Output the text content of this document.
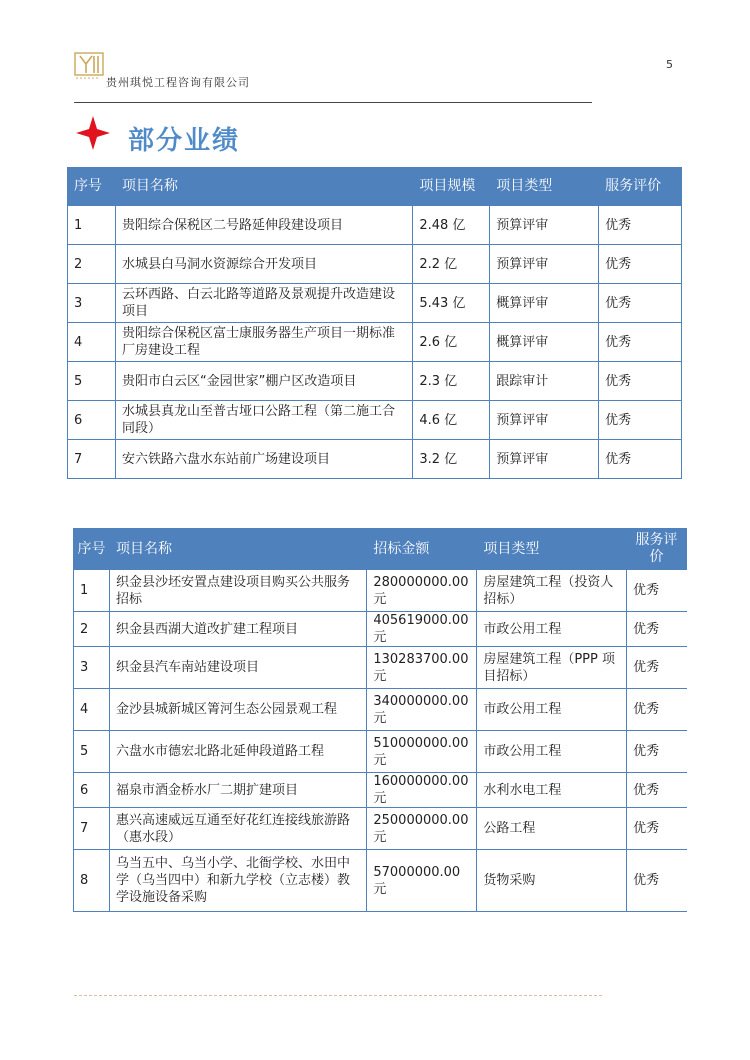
5
贵州琪悦工程咨询有限公司
部分业绩
序号	项目名称	项目规模	项目类型	服务评价
1	贵阳综合保税区二号路延伸段建设项目	2.48 亿	预算评审	优秀
2	水城县白马洞水资源综合开发项目	2.2 亿	预算评审	优秀
3	云环西路、白云北路等道路及景观提升改造建设项目	5.43 亿	概算评审	优秀
4	贵阳综合保税区富士康服务器生产项目一期标准厂房建设工程	2.6 亿	概算评审	优秀
5	贵阳市白云区“金园世家”棚户区改造项目	2.3 亿	跟踪审计	优秀
6	水城县真龙山至普古垭口公路工程（第二施工合同段）	4.6 亿	预算评审	优秀
7	安六铁路六盘水东站前广场建设项目	3.2 亿	预算评审	优秀
序号	项目名称	招标金额	项目类型	服务评价
1	织金县沙坯安置点建设项目购买公共服务招标	280000000.00 元	房屋建筑工程（投资人招标）	优秀
2	织金县西湖大道改扩建工程项目	405619000.00 元	市政公用工程	优秀
3	织金县汽车南站建设项目	130283700.00 元	房屋建筑工程（PPP 项目招标）	优秀
4	金沙县城新城区箐河生态公园景观工程	340000000.00 元	市政公用工程	优秀
5	六盘水市德宏北路北延伸段道路工程	510000000.00 元	市政公用工程	优秀
6	福泉市酒金桥水厂二期扩建项目	160000000.00 元	水利水电工程	优秀
7	惠兴高速威远互通至好花红连接线旅游路（惠水段）	250000000.00 元	公路工程	优秀
8	乌当五中、乌当小学、北衙学校、水田中学（乌当四中）和新九学校（立志楼）教学设施设备采购	57000000.00 元	货物采购	优秀
